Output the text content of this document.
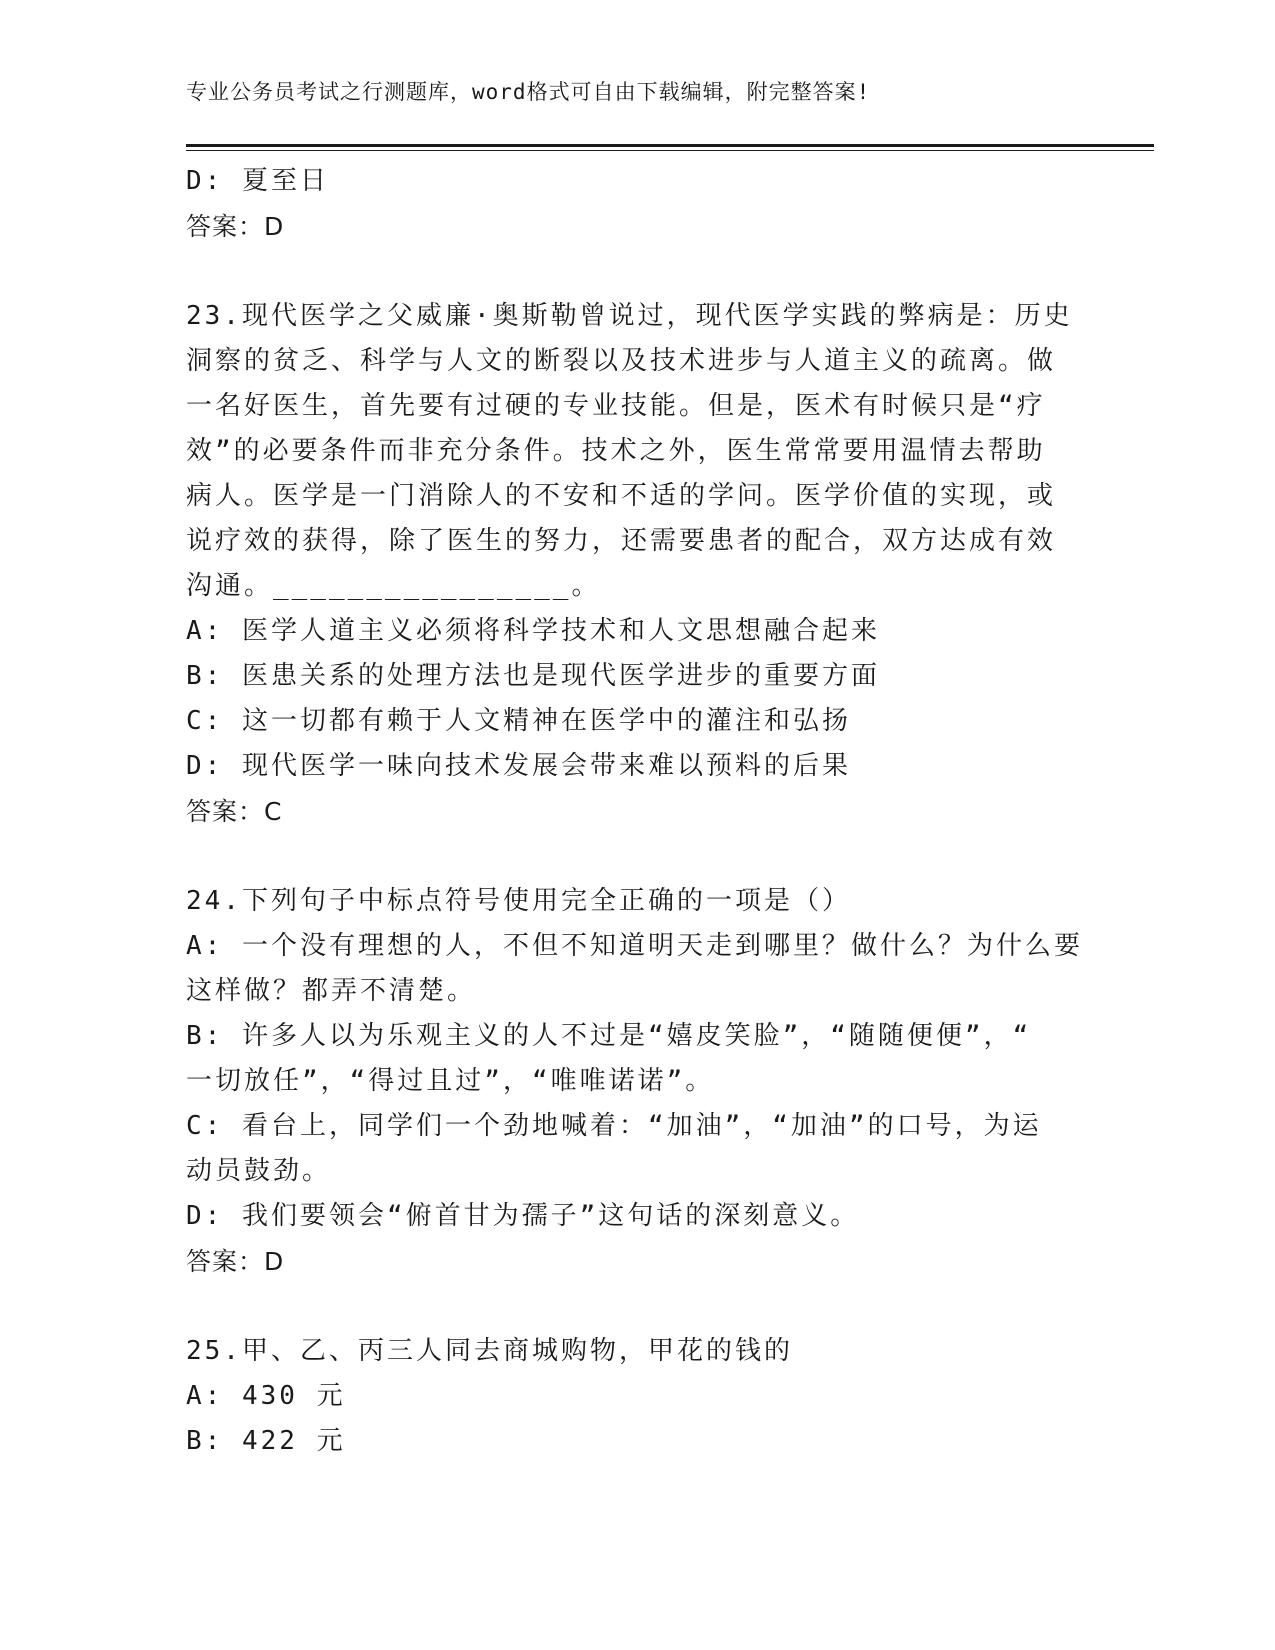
专业公务员考试之行测题库，word格式可自由下载编辑，附完整答案!
D: 夏至日
答案：D
23.现代医学之父威廉·奥斯勒曾说过，现代医学实践的弊病是：历史
洞察的贫乏、科学与人文的断裂以及技术进步与人道主义的疏离。做
一名好医生，首先要有过硬的专业技能。但是，医术有时候只是“疗
效”的必要条件而非充分条件。技术之外，医生常常要用温情去帮助
病人。医学是一门消除人的不安和不适的学问。医学价值的实现，或
说疗效的获得，除了医生的努力，还需要患者的配合，双方达成有效
沟通。________________。
A: 医学人道主义必须将科学技术和人文思想融合起来
B: 医患关系的处理方法也是现代医学进步的重要方面
C: 这一切都有赖于人文精神在医学中的灌注和弘扬
D: 现代医学一味向技术发展会带来难以预料的后果
答案：C
24.下列句子中标点符号使用完全正确的一项是（）
A: 一个没有理想的人，不但不知道明天走到哪里？做什么？为什么要
这样做？都弄不清楚。
B: 许多人以为乐观主义的人不过是“嬉皮笑脸”，“随随便便”，“
一切放任”，“得过且过”，“唯唯诺诺”。
C: 看台上，同学们一个劲地喊着：“加油”，“加油”的口号，为运
动员鼓劲。
D: 我们要领会“俯首甘为孺子”这句话的深刻意义。
答案：D
25.甲、乙、丙三人同去商城购物，甲花的钱的
A: 430 元
B: 422 元
